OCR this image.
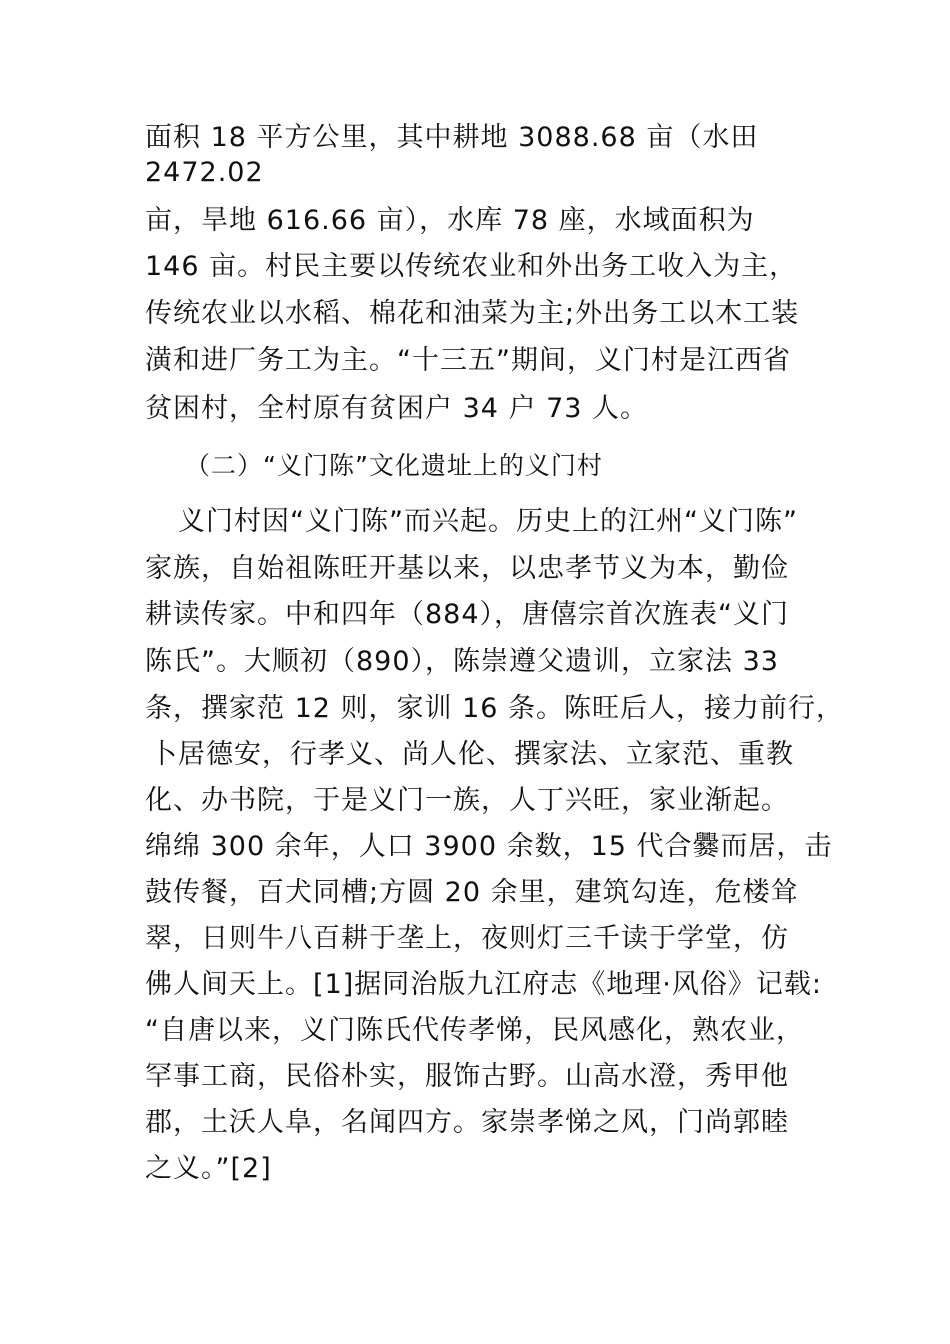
面积 18 平方公里，其中耕地 3088.68 亩（水田
2472.02
亩，旱地 616.66 亩），水库 78 座，水域面积为
146 亩。村民主要以传统农业和外出务工收入为主，
传统农业以水稻、棉花和油菜为主;外出务工以木工装
潢和进厂务工为主。“十三五”期间，义门村是江西省
贫困村，全村原有贫困户 34 户 73 人。
（二）“义门陈”文化遗址上的义门村
义门村因“义门陈”而兴起。历史上的江州“义门陈”
家族，自始祖陈旺开基以来，以忠孝节义为本，勤俭
耕读传家。中和四年（884），唐僖宗首次旌表“义门
陈氏”。大顺初（890），陈崇遵父遗训，立家法 33
条，撰家范 12 则，家训 16 条。陈旺后人，接力前行，
卜居德安，行孝义、尚人伦、撰家法、立家范、重教
化、办书院，于是义门一族，人丁兴旺，家业渐起。
绵绵 300 余年，人口 3900 余数，15 代合爨而居，击
鼓传餐，百犬同槽;方圆 20 余里，建筑勾连，危楼耸
翠，日则牛八百耕于垄上，夜则灯三千读于学堂，仿
佛人间天上。[1]据同治版九江府志《地理·风俗》记载:
“自唐以来，义门陈氏代传孝悌，民风感化，熟农业，
罕事工商，民俗朴实，服饰古野。山高水澄，秀甲他
郡，土沃人阜，名闻四方。家崇孝悌之风，门尚郭睦
之义。”[2]
